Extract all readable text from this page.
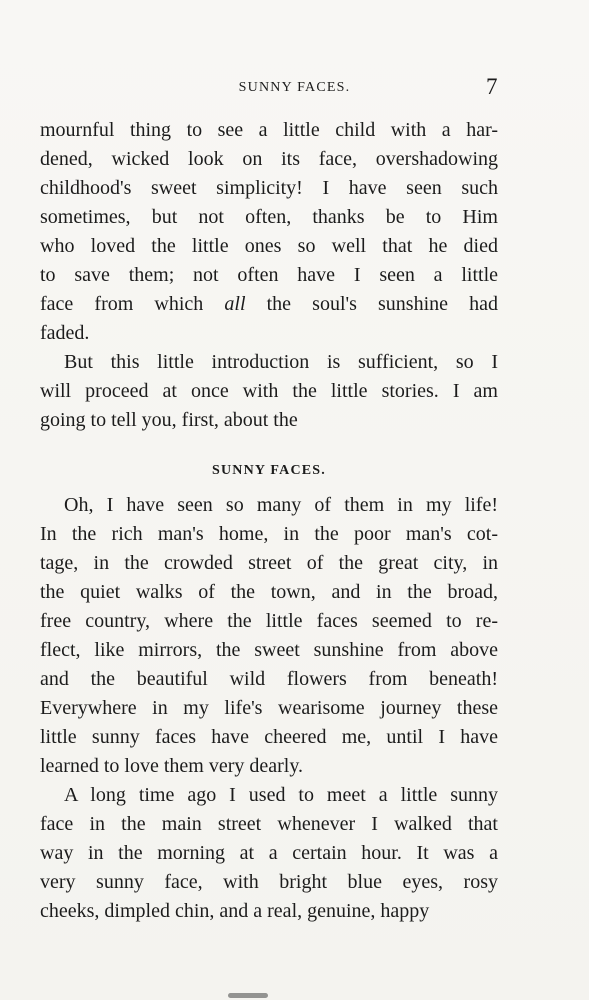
SUNNY FACES.	7
mournful thing to see a little child with a har-
dened, wicked look on its face, overshadowing
childhood's sweet simplicity! I have seen such
sometimes, but not often, thanks be to Him
who loved the little ones so well that he died
to save them; not often have I seen a little
face from which all the soul's sunshine had
faded.
But this little introduction is sufficient, so I
will proceed at once with the little stories. I am
going to tell you, first, about the
SUNNY FACES.
Oh, I have seen so many of them in my life!
In the rich man's home, in the poor man's cot-
tage, in the crowded street of the great city, in
the quiet walks of the town, and in the broad,
free country, where the little faces seemed to re-
flect, like mirrors, the sweet sunshine from above
and the beautiful wild flowers from beneath!
Everywhere in my life's wearisome journey these
little sunny faces have cheered me, until I have
learned to love them very dearly.
A long time ago I used to meet a little sunny
face in the main street whenever I walked that
way in the morning at a certain hour. It was a
very sunny face, with bright blue eyes, rosy
cheeks, dimpled chin, and a real, genuine, happy
